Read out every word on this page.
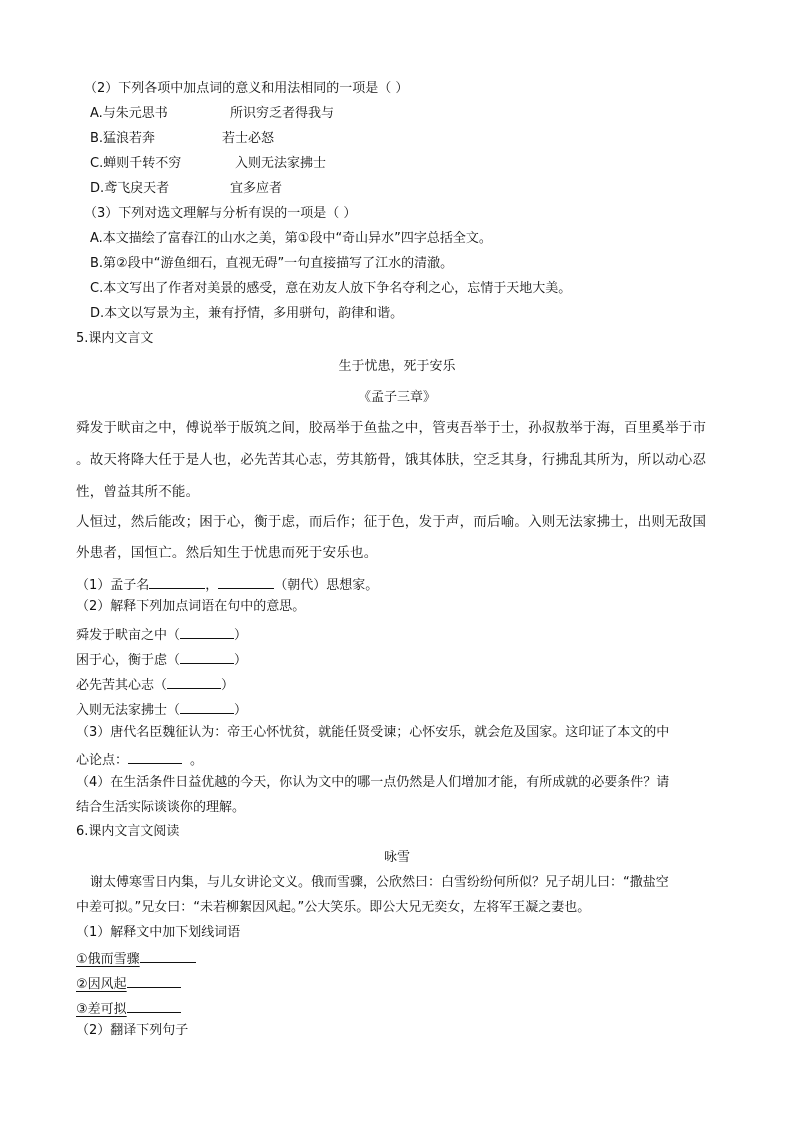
（2）下列各项中加点词的意义和用法相同的一项是（ ）
A.与朱元思书	所识穷乏者得我与
B.猛浪若奔	若士必怒
C.蝉则千转不穷	入则无法家拂士
D.鸢飞戾天者	宜多应者
（3）下列对选文理解与分析有误的一项是（ ）
A.本文描绘了富春江的山水之美，第①段中“奇山异水”四字总括全文。
B.第②段中“游鱼细石，直视无碍”一句直接描写了江水的清澈。
C.本文写出了作者对美景的感受，意在劝友人放下争名夺利之心，忘情于天地大美。
D.本文以写景为主，兼有抒情，多用骈句，韵律和谐。
5.课内文言文
生于忧患，死于安乐
《孟子三章》
舜发于畎亩之中，傅说举于版筑之间，胶鬲举于鱼盐之中，管夷吾举于士，孙叔敖举于海，百里奚举于市
。故天将降大任于是人也，必先苦其心志，劳其筋骨，饿其体肤，空乏其身，行拂乱其所为，所以动心忍
性，曾益其所不能。
人恒过，然后能改；困于心，衡于虑，而后作；征于色，发于声，而后喻。入则无法家拂士，出则无敌国
外患者，国恒亡。然后知生于忧患而死于安乐也。
（1）孟子名	，	（朝代）思想家。
（2）解释下列加点词语在句中的意思。
舜发于畎亩之中（	）
困于心，衡于虑（	）
必先苦其心志（	）
入则无法家拂士（	）
（3）唐代名臣魏征认为：帝王心怀忧贫，就能任贤受谏；心怀安乐，就会危及国家。这印证了本文的中
心论点：	。
（4）在生活条件日益优越的今天，你认为文中的哪一点仍然是人们增加才能，有所成就的必要条件？请
结合生活实际谈谈你的理解。
6.课内文言文阅读
咏雪
谢太傅寒雪日内集，与儿女讲论文义。俄而雪骤，公欣然曰：白雪纷纷何所似？兄子胡儿曰：“撒盐空
中差可拟。”兄女曰：“未若柳絮因风起。”公大笑乐。即公大兄无奕女，左将军王凝之妻也。
（1）解释文中加下划线词语
①俄而雪骤
②因风起
③差可拟
（2）翻译下列句子
